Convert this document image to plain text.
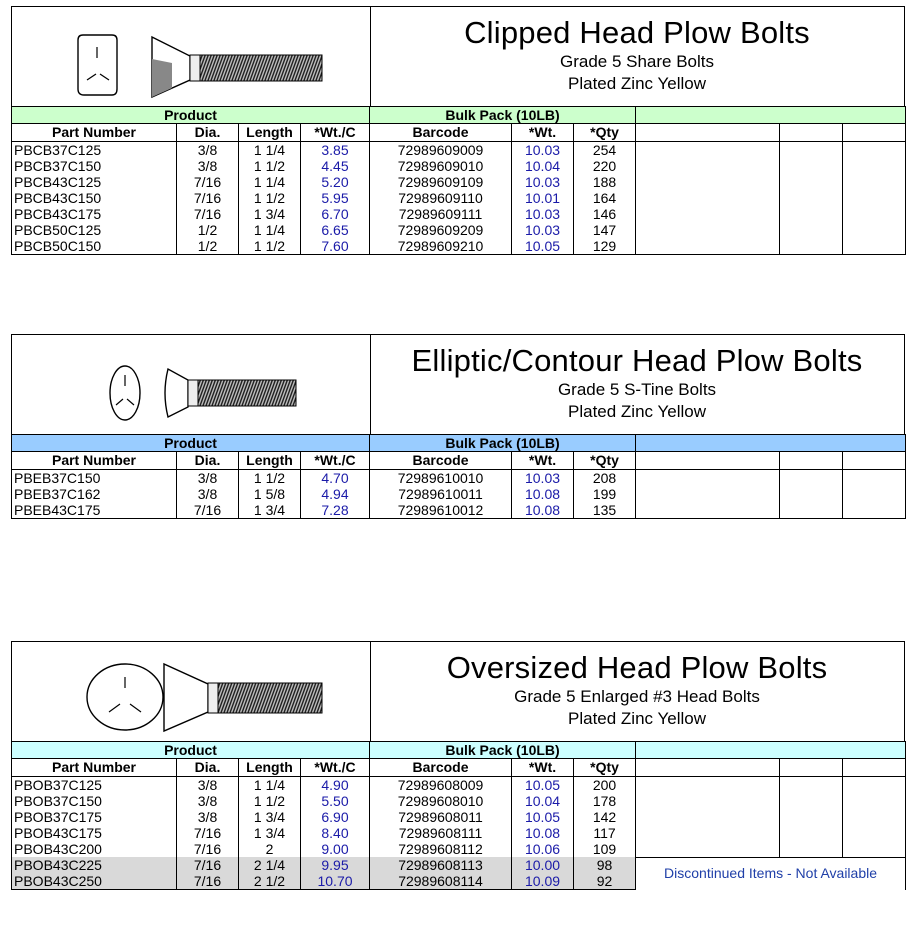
Clipped Head Plow Bolts
Grade 5 Share Bolts
Plated Zinc Yellow
Product				Bulk Pack (10LB)					
Part Number	Dia.	Length	*Wt./C	Barcode	*Wt.	*Qty			
PBCB37C125	3/8	1 1/4	3.85	72989609009	10.03	254			
PBCB37C150	3/8	1 1/2	4.45	72989609010	10.04	220			
PBCB43C125	7/16	1 1/4	5.20	72989609109	10.03	188			
PBCB43C150	7/16	1 1/2	5.95	72989609110	10.01	164			
PBCB43C175	7/16	1 3/4	6.70	72989609111	10.03	146			
PBCB50C125	1/2	1 1/4	6.65	72989609209	10.03	147			
PBCB50C150	1/2	1 1/2	7.60	72989609210	10.05	129			
Elliptic/Contour Head Plow Bolts
Grade 5 S-Tine Bolts
Plated Zinc Yellow
Product				Bulk Pack (10LB)					
Part Number	Dia.	Length	*Wt./C	Barcode	*Wt.	*Qty			
PBEB37C150	3/8	1 1/2	4.70	72989610010	10.03	208			
PBEB37C162	3/8	1 5/8	4.94	72989610011	10.08	199			
PBEB43C175	7/16	1 3/4	7.28	72989610012	10.08	135			
Oversized Head Plow Bolts
Grade 5 Enlarged #3 Head Bolts
Plated Zinc Yellow
Product				Bulk Pack (10LB)					
Part Number	Dia.	Length	*Wt./C	Barcode	*Wt.	*Qty			
PBOB37C125	3/8	1 1/4	4.90	72989608009	10.05	200			
PBOB37C150	3/8	1 1/2	5.50	72989608010	10.04	178			
PBOB37C175	3/8	1 3/4	6.90	72989608011	10.05	142			
PBOB43C175	7/16	1 3/4	8.40	72989608111	10.08	117			
PBOB43C200	7/16	2	9.00	72989608112	10.06	109			
PBOB43C225	7/16	2 1/4	9.95	72989608113	10.00	98	Discontinued Items - Not Available		
PBOB43C250	7/16	2 1/2	10.70	72989608114	10.09	92			
